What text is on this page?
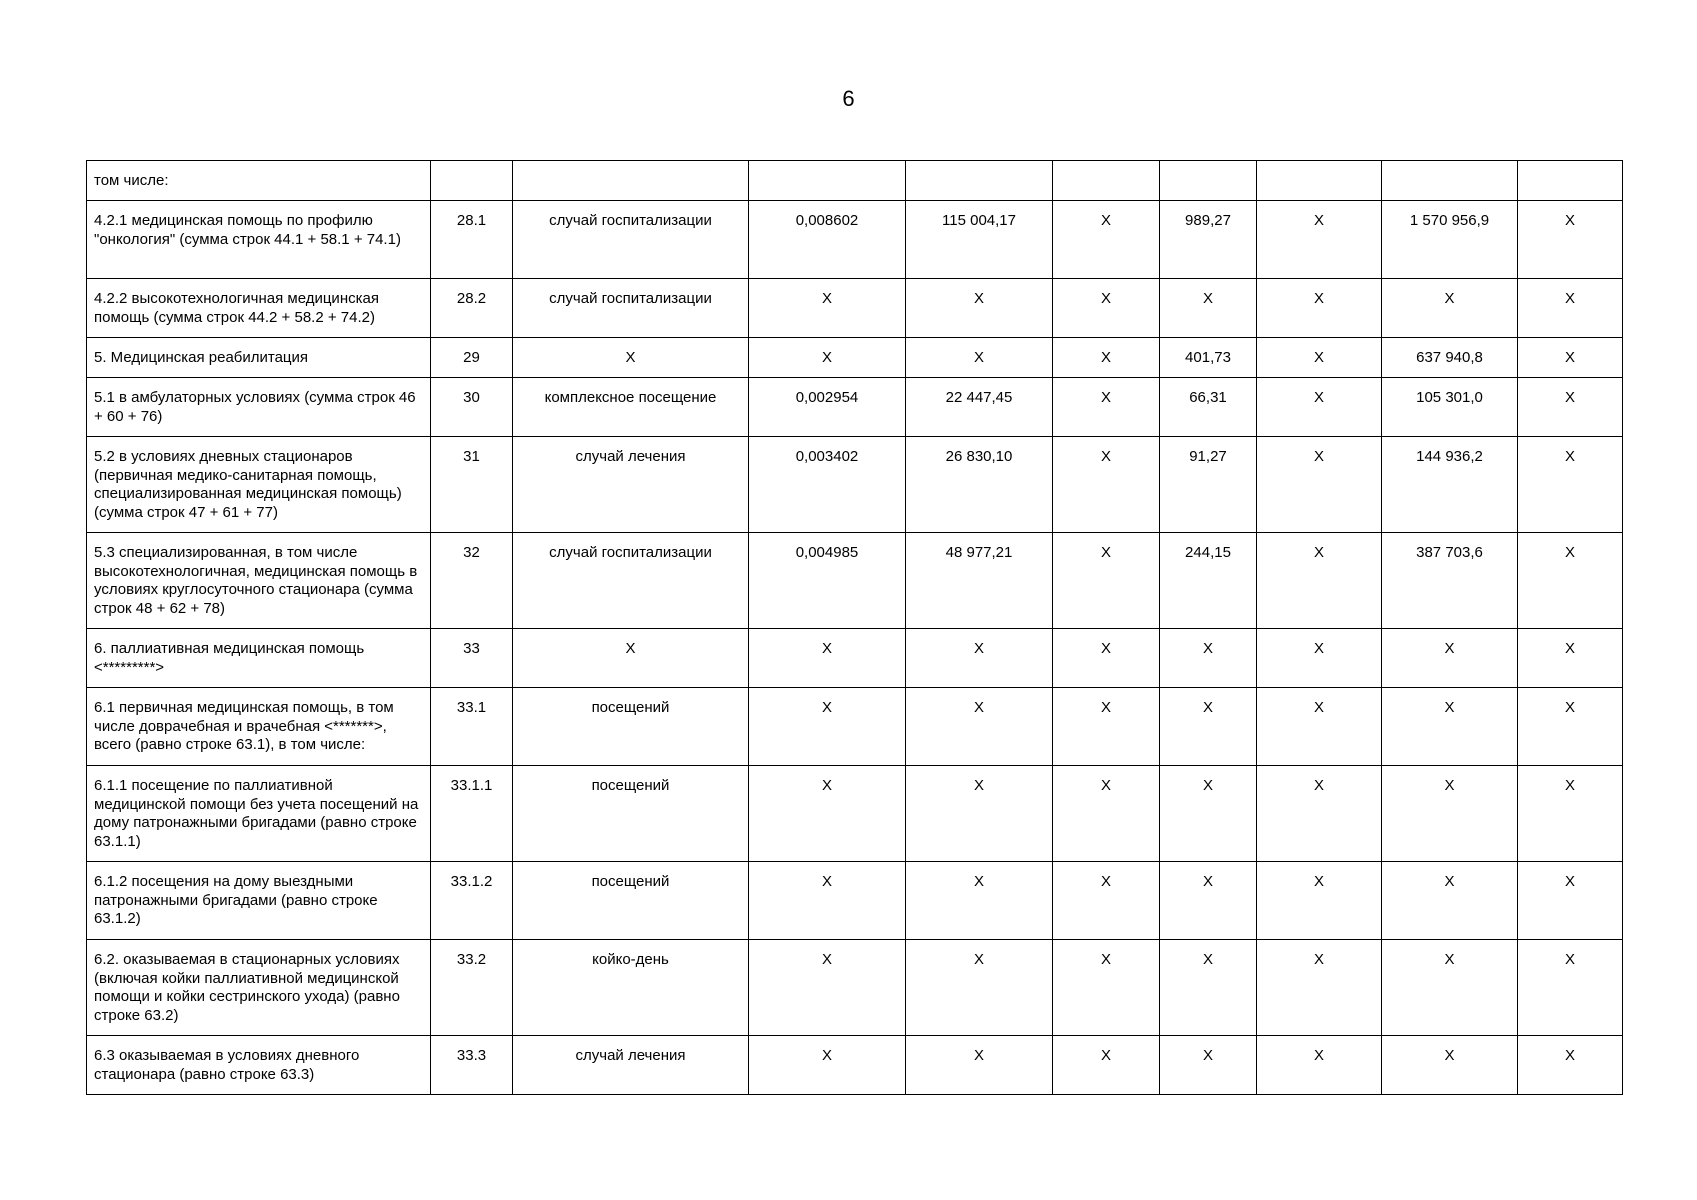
6
том числе:									
4.2.1 медицинская помощь по профилю "онкология" (сумма строк 44.1 + 58.1 + 74.1)	28.1	случай госпитализации	0,008602	115 004,17	X	989,27	X	1 570 956,9	X
4.2.2 высокотехнологичная медицинская помощь (сумма строк 44.2 + 58.2 + 74.2)	28.2	случай госпитализации	X	X	X	X	X	X	X
5. Медицинская реабилитация	29	X	X	X	X	401,73	X	637 940,8	X
5.1 в амбулаторных условиях (сумма строк 46 + 60 + 76)	30	комплексное посещение	0,002954	22 447,45	X	66,31	X	105 301,0	X
5.2 в условиях дневных стационаров (первичная медико-санитарная помощь, специализированная медицинская помощь) (сумма строк 47 + 61 + 77)	31	случай лечения	0,003402	26 830,10	X	91,27	X	144 936,2	X
5.3 специализированная, в том числе высокотехнологичная, медицинская помощь в условиях круглосуточного стационара (сумма строк 48 + 62 + 78)	32	случай госпитализации	0,004985	48 977,21	X	244,15	X	387 703,6	X
6. паллиативная медицинская помощь <*********>	33	X	X	X	X	X	X	X	X
6.1 первичная медицинская помощь, в том числе доврачебная и врачебная <*******>, всего (равно строке 63.1), в том числе:	33.1	посещений	X	X	X	X	X	X	X
6.1.1 посещение по паллиативной медицинской помощи без учета посещений на дому патронажными бригадами (равно строке 63.1.1)	33.1.1	посещений	X	X	X	X	X	X	X
6.1.2 посещения на дому выездными патронажными бригадами (равно строке 63.1.2)	33.1.2	посещений	X	X	X	X	X	X	X
6.2. оказываемая в стационарных условиях (включая койки паллиативной медицинской помощи и койки сестринского ухода) (равно строке 63.2)	33.2	койко-день	X	X	X	X	X	X	X
6.3 оказываемая в условиях дневного стационара (равно строке 63.3)	33.3	случай лечения	X	X	X	X	X	X	X
